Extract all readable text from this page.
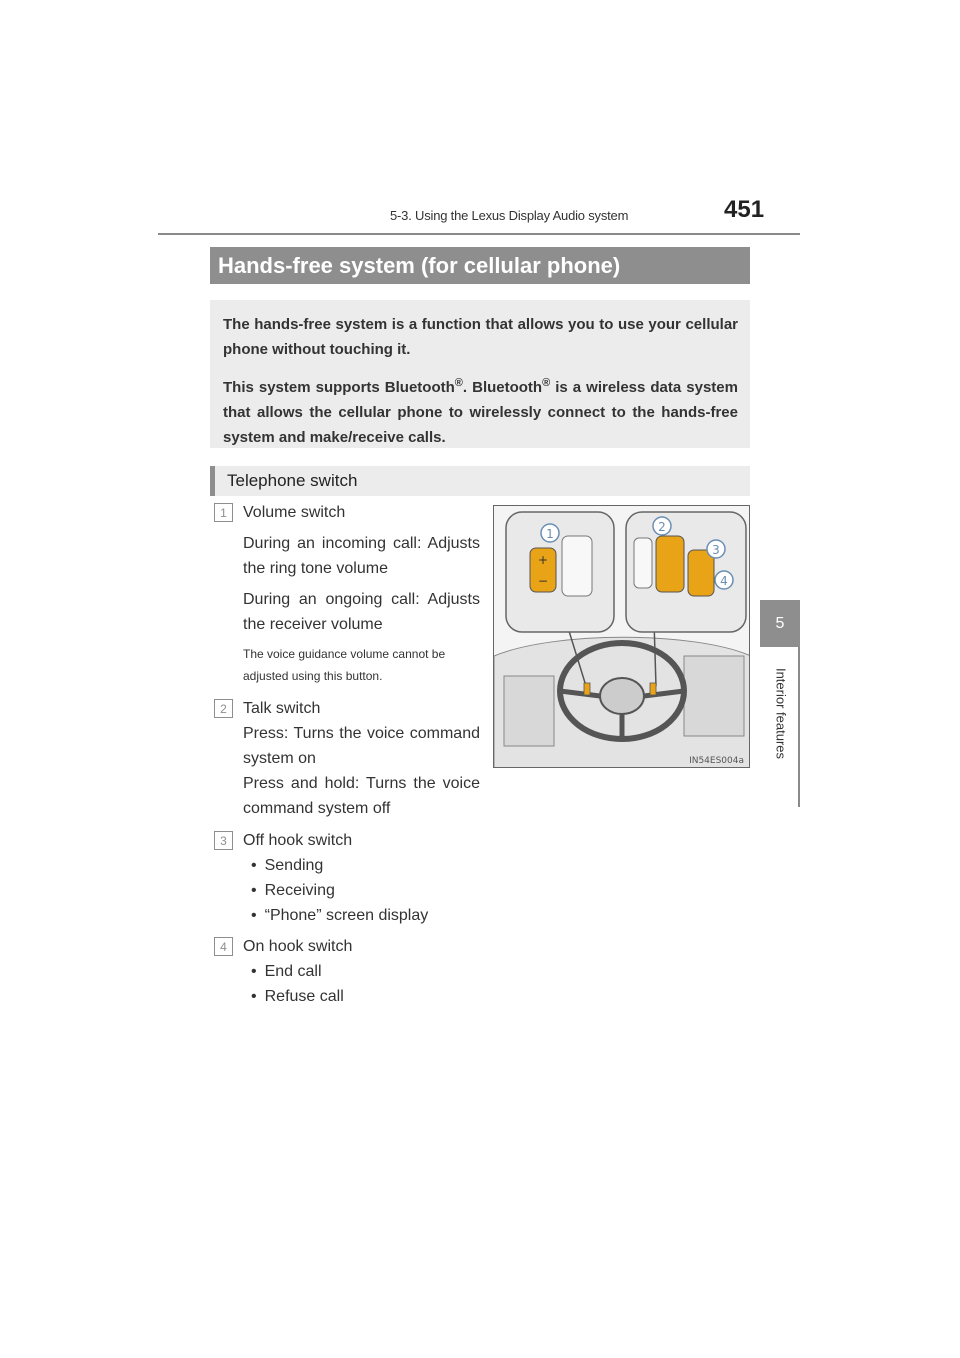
5-3. Using the Lexus Display Audio system	451
5
Interior features
Hands-free system (for cellular phone)

The hands-free system is a function that allows you to use your cellular phone without touching it.

This system supports Bluetooth®. Bluetooth® is a wireless data system that allows the cellular phone to wirelessly connect to the hands-free system and make/receive calls.

Telephone switch
1	Volume switch
During an incoming call: Adjusts the ring tone volume
During an ongoing call: Adjusts the receiver volume
The voice guidance volume cannot be adjusted using this button.
2	Talk switch
Press: Turns the voice command system on
Press and hold: Turns the voice command system off
3	Off hook switch
• Sending
• Receiving
• “Phone” screen display
4	On hook switch
• End call
• Refuse call
+
−
1	2
3
4
IN54ES004a
